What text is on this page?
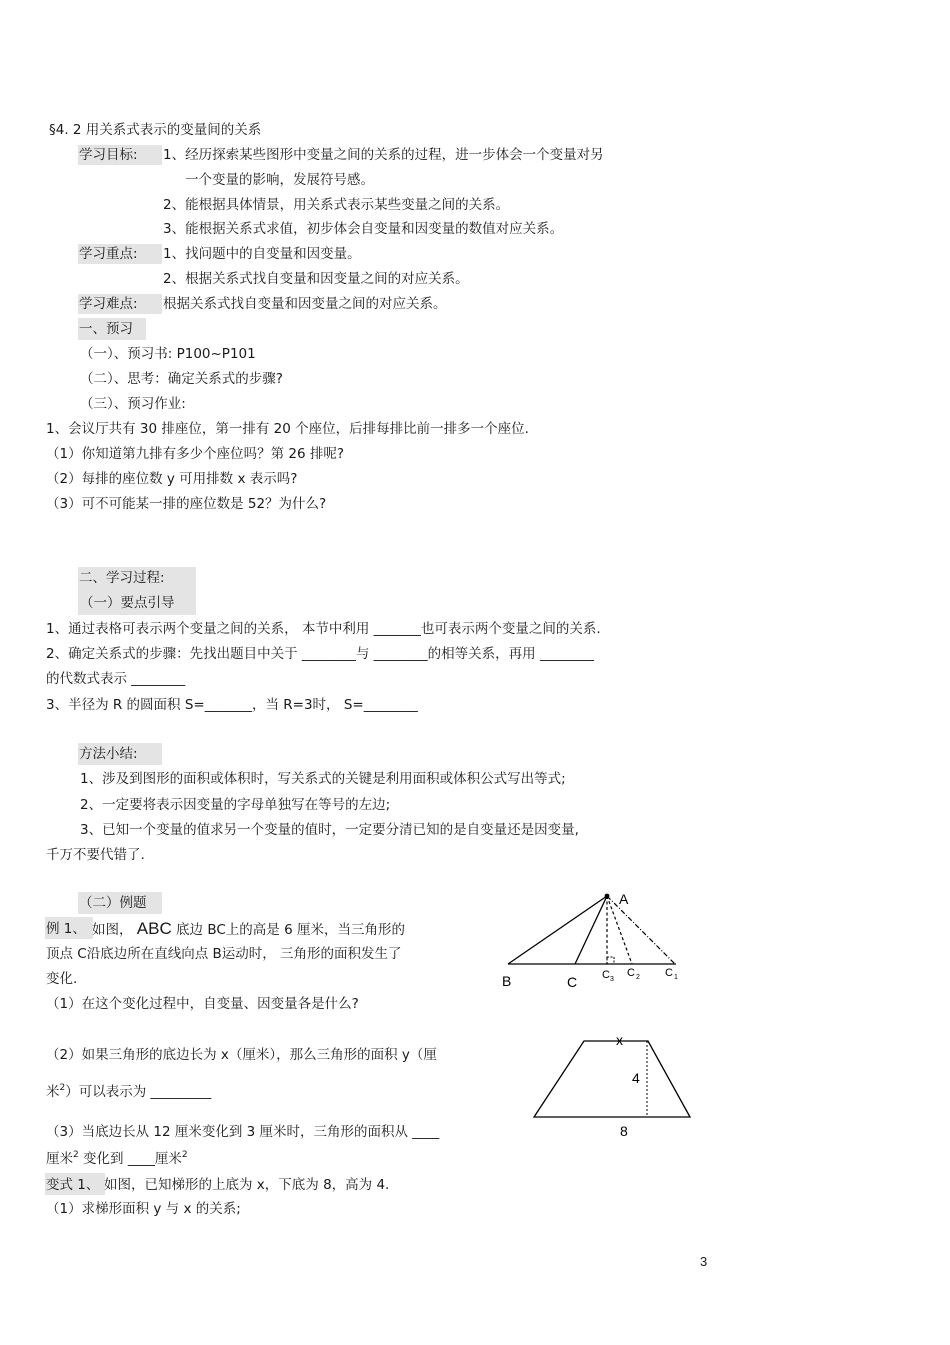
§4. 2 用关系式表示的变量间的关系
学习目标: 1、经历探索某些图形中变量之间的关系的过程，进一步体会一个变量对另
一个变量的影响，发展符号感。
2、能根据具体情景，用关系式表示某些变量之间的关系。
3、能根据关系式求值，初步体会自变量和因变量的数值对应关系。
学习重点: 1、找问题中的自变量和因变量。
2、根据关系式找自变量和因变量之间的对应关系。
学习难点: 根据关系式找自变量和因变量之间的对应关系。
一、预习
（一）、预习书: P100~P101
（二）、思考：确定关系式的步骤?
（三）、预习作业:
1、会议厅共有 30 排座位，第一排有 20 个座位，后排每排比前一排多一个座位.
（1）你知道第九排有多少个座位吗？第 26 排呢?
（2）每排的座位数 y 可用排数 x 表示吗?
（3）可不可能某一排的座位数是 52？为什么?
二、学习过程:
（一）要点引导
1、通过表格可表示两个变量之间的关系， 本节中利用 _______也可表示两个变量之间的关系.
2、确定关系式的步骤：先找出题目中关于 ________与 ________的相等关系，再用 ________
的代数式表示 ________
3、半径为 R 的圆面积 S=_______，当 R=3时， S=________
方法小结:
1、涉及到图形的面积或体积时，写关系式的关键是利用面积或体积公式写出等式;
2、一定要将表示因变量的字母单独写在等号的左边;
3、已知一个变量的值求另一个变量的值时，一定要分清已知的是自变量还是因变量,
千万不要代错了.
（二）例题
例 1、 如图， ABC 底边 BC上的高是 6 厘米，当三角形的
顶点 C沿底边所在直线向点 B运动时， 三角形的面积发生了
变化.
（1）在这个变化过程中，自变量、因变量各是什么?
（2）如果三角形的底边长为 x（厘米），那么三角形的面积 y（厘
米$^2$）可以表示为 _________
（3）当底边长从 12 厘米变化到 3 厘米时，三角形的面积从 ____
厘米$^2$ 变化到 ____厘米$^2$
变式 1、 如图，已知梯形的上底为 x，下底为 8，高为 4.
（1）求梯形面积 y 与 x 的关系;
A
B	C C 3
C 2 C 1
x
4
8
3
